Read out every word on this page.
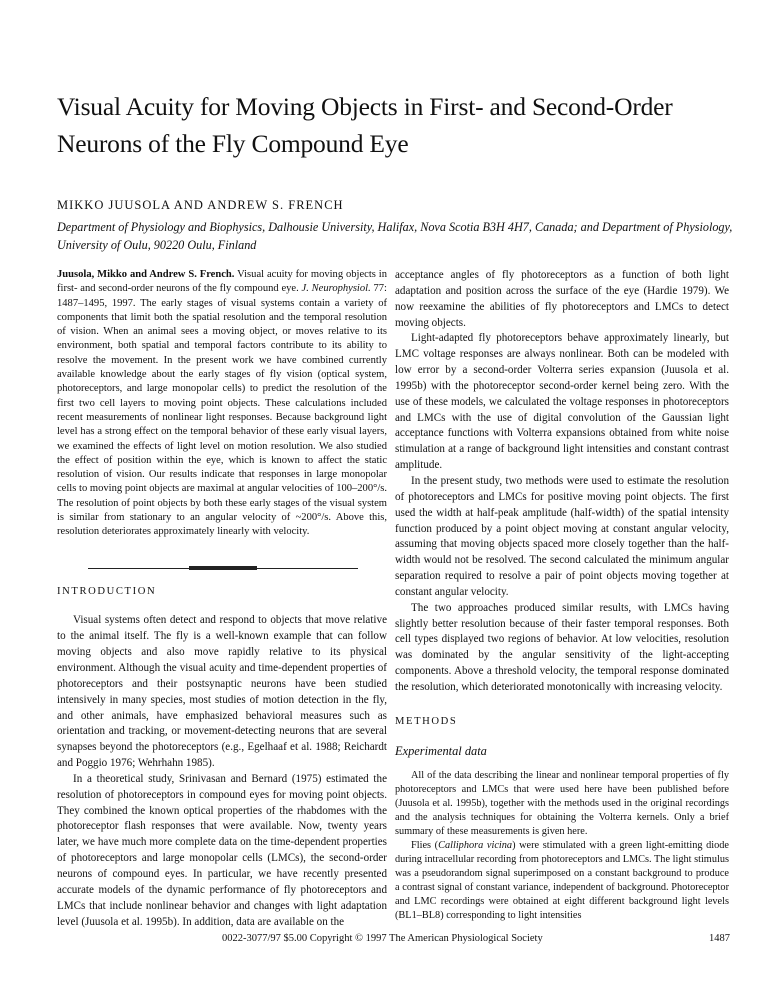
Visual Acuity for Moving Objects in First- and Second-Order Neurons of the Fly Compound Eye
MIKKO JUUSOLA AND ANDREW S. FRENCH
Department of Physiology and Biophysics, Dalhousie University, Halifax, Nova Scotia B3H 4H7, Canada; and Department of Physiology, University of Oulu, 90220 Oulu, Finland

Juusola, Mikko and Andrew S. French. Visual acuity for moving objects in first- and second-order neurons of the fly compound eye. J. Neurophysiol. 77: 1487–1495, 1997. The early stages of visual systems contain a variety of components that limit both the spatial resolution and the temporal resolution of vision. When an animal sees a moving object, or moves relative to its environment, both spatial and temporal factors contribute to its ability to resolve the movement. In the present work we have combined currently available knowledge about the early stages of fly vision (optical system, photoreceptors, and large monopolar cells) to predict the resolution of the first two cell layers to moving point objects. These calculations included recent measurements of nonlinear light responses. Because background light level has a strong effect on the temporal behavior of these early visual layers, we examined the effects of light level on motion resolution. We also studied the effect of position within the eye, which is known to affect the static resolution of vision. Our results indicate that responses in large monopolar cells to moving point objects are maximal at angular velocities of 100–200°/s. The resolution of point objects by both these early stages of the visual system is similar from stationary to an angular velocity of ~200°/s. Above this, resolution deteriorates approximately linearly with velocity.

INTRODUCTION

Visual systems often detect and respond to objects that move relative to the animal itself. The fly is a well-known example that can follow moving objects and also move rapidly relative to its physical environment. Although the visual acuity and time-dependent properties of photoreceptors and their postsynaptic neurons have been studied intensively in many species, most studies of motion detection in the fly, and other animals, have emphasized behavioral measures such as orientation and tracking, or movement-detecting neurons that are several synapses beyond the photoreceptors (e.g., Egelhaaf et al. 1988; Reichardt and Poggio 1976; Wehrhahn 1985).

In a theoretical study, Srinivasan and Bernard (1975) estimated the resolution of photoreceptors in compound eyes for moving point objects. They combined the known optical properties of the rhabdomes with the photoreceptor flash responses that were available. Now, twenty years later, we have much more complete data on the time-dependent properties of photoreceptors and large monopolar cells (LMCs), the second-order neurons of compound eyes. In particular, we have recently presented accurate models of the dynamic performance of fly photoreceptors and LMCs that include nonlinear behavior and changes with light adaptation level (Juusola et al. 1995b). In addition, data are available on the

acceptance angles of fly photoreceptors as a function of both light adaptation and position across the surface of the eye (Hardie 1979). We now reexamine the abilities of fly photoreceptors and LMCs to detect moving objects.

Light-adapted fly photoreceptors behave approximately linearly, but LMC voltage responses are always nonlinear. Both can be modeled with low error by a second-order Volterra series expansion (Juusola et al. 1995b) with the photoreceptor second-order kernel being zero. With the use of these models, we calculated the voltage responses in photoreceptors and LMCs with the use of digital convolution of the Gaussian light acceptance functions with Volterra expansions obtained from white noise stimulation at a range of background light intensities and constant contrast amplitude.

In the present study, two methods were used to estimate the resolution of photoreceptors and LMCs for positive moving point objects. The first used the width at half-peak amplitude (half-width) of the spatial intensity function produced by a point object moving at constant angular velocity, assuming that moving objects spaced more closely together than the half-width would not be resolved. The second calculated the minimum angular separation required to resolve a pair of point objects moving together at constant angular velocity.

The two approaches produced similar results, with LMCs having slightly better resolution because of their faster temporal responses. Both cell types displayed two regions of behavior. At low velocities, resolution was dominated by the angular sensitivity of the light-accepting components. Above a threshold velocity, the temporal response dominated the resolution, which deteriorated monotonically with increasing velocity.

METHODS
Experimental data

All of the data describing the linear and nonlinear temporal properties of fly photoreceptors and LMCs that were used here have been published before (Juusola et al. 1995b), together with the methods used in the original recordings and the analysis techniques for obtaining the Volterra kernels. Only a brief summary of these measurements is given here.

Flies (Calliphora vicina) were stimulated with a green light-emitting diode during intracellular recording from photoreceptors and LMCs. The light stimulus was a pseudorandom signal superimposed on a constant background to produce a contrast signal of constant variance, independent of background. Photoreceptor and LMC recordings were obtained at eight different background light levels (BL1–BL8) corresponding to light intensities

0022-3077/97 $5.00 Copyright © 1997 The American Physiological Society	1487
